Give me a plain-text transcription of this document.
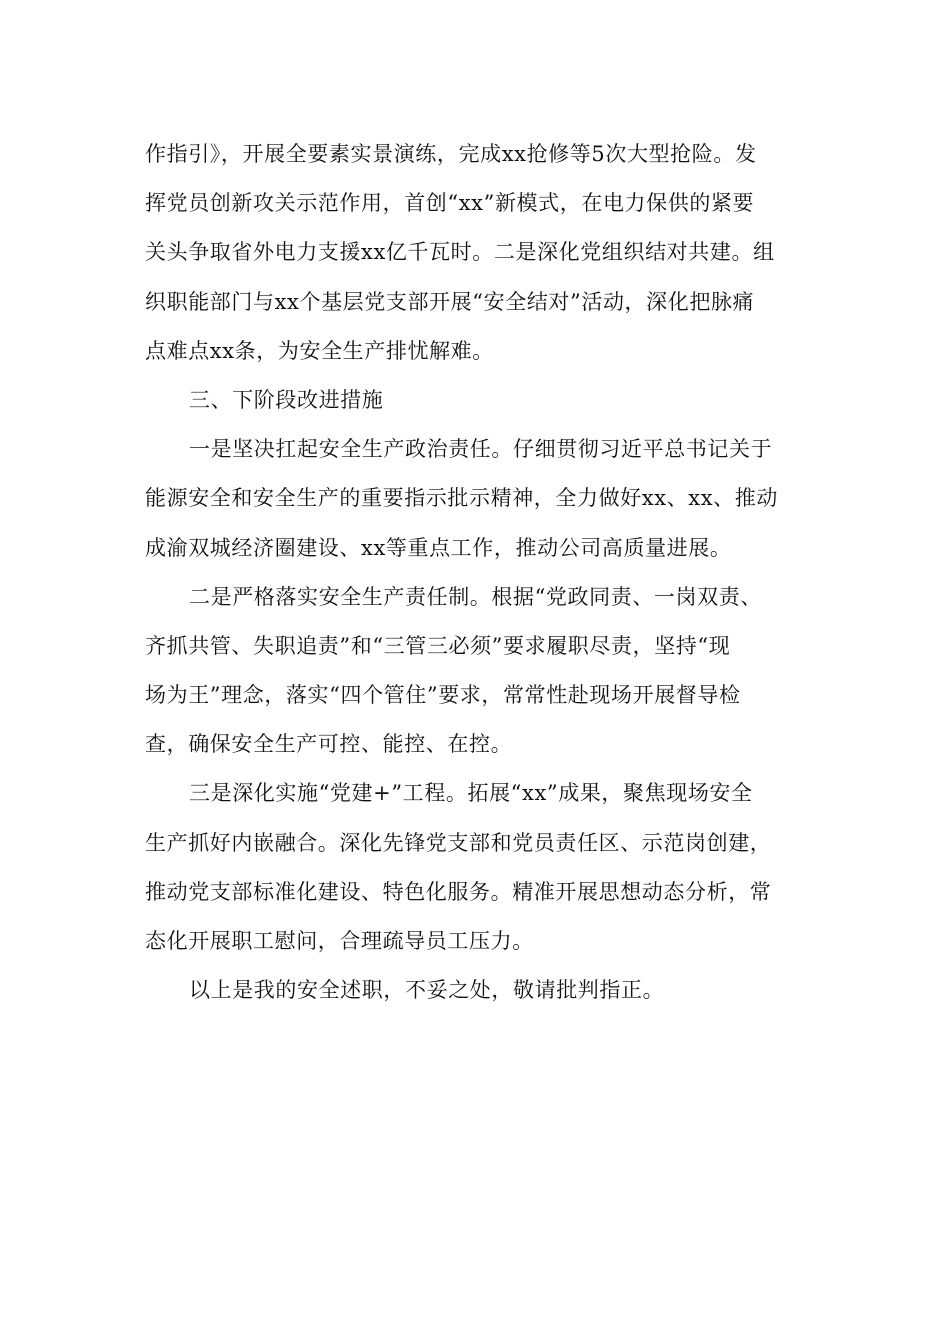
作指引》，开展全要素实景演练，完成xx抢修等5次大型抢险。发
挥党员创新攻关示范作用，首创“xx”新模式，在电力保供的紧要
关头争取省外电力支援xx亿千瓦时。二是深化党组织结对共建。组
织职能部门与xx个基层党支部开展“安全结对”活动，深化把脉痛
点难点xx条，为安全生产排忧解难。
三、下阶段改进措施
一是坚决扛起安全生产政治责任。仔细贯彻习近平总书记关于
能源安全和安全生产的重要指示批示精神，全力做好xx、xx、推动
成渝双城经济圈建设、xx等重点工作，推动公司高质量进展。
二是严格落实安全生产责任制。根据“党政同责、一岗双责、
齐抓共管、失职追责”和“三管三必须”要求履职尽责，坚持“现
场为王”理念，落实“四个管住”要求，常常性赴现场开展督导检
查，确保安全生产可控、能控、在控。
三是深化实施“党建+”工程。拓展“xx”成果，聚焦现场安全
生产抓好内嵌融合。深化先锋党支部和党员责任区、示范岗创建，
推动党支部标准化建设、特色化服务。精准开展思想动态分析，常
态化开展职工慰问，合理疏导员工压力。
以上是我的安全述职，不妥之处，敬请批判指正。
